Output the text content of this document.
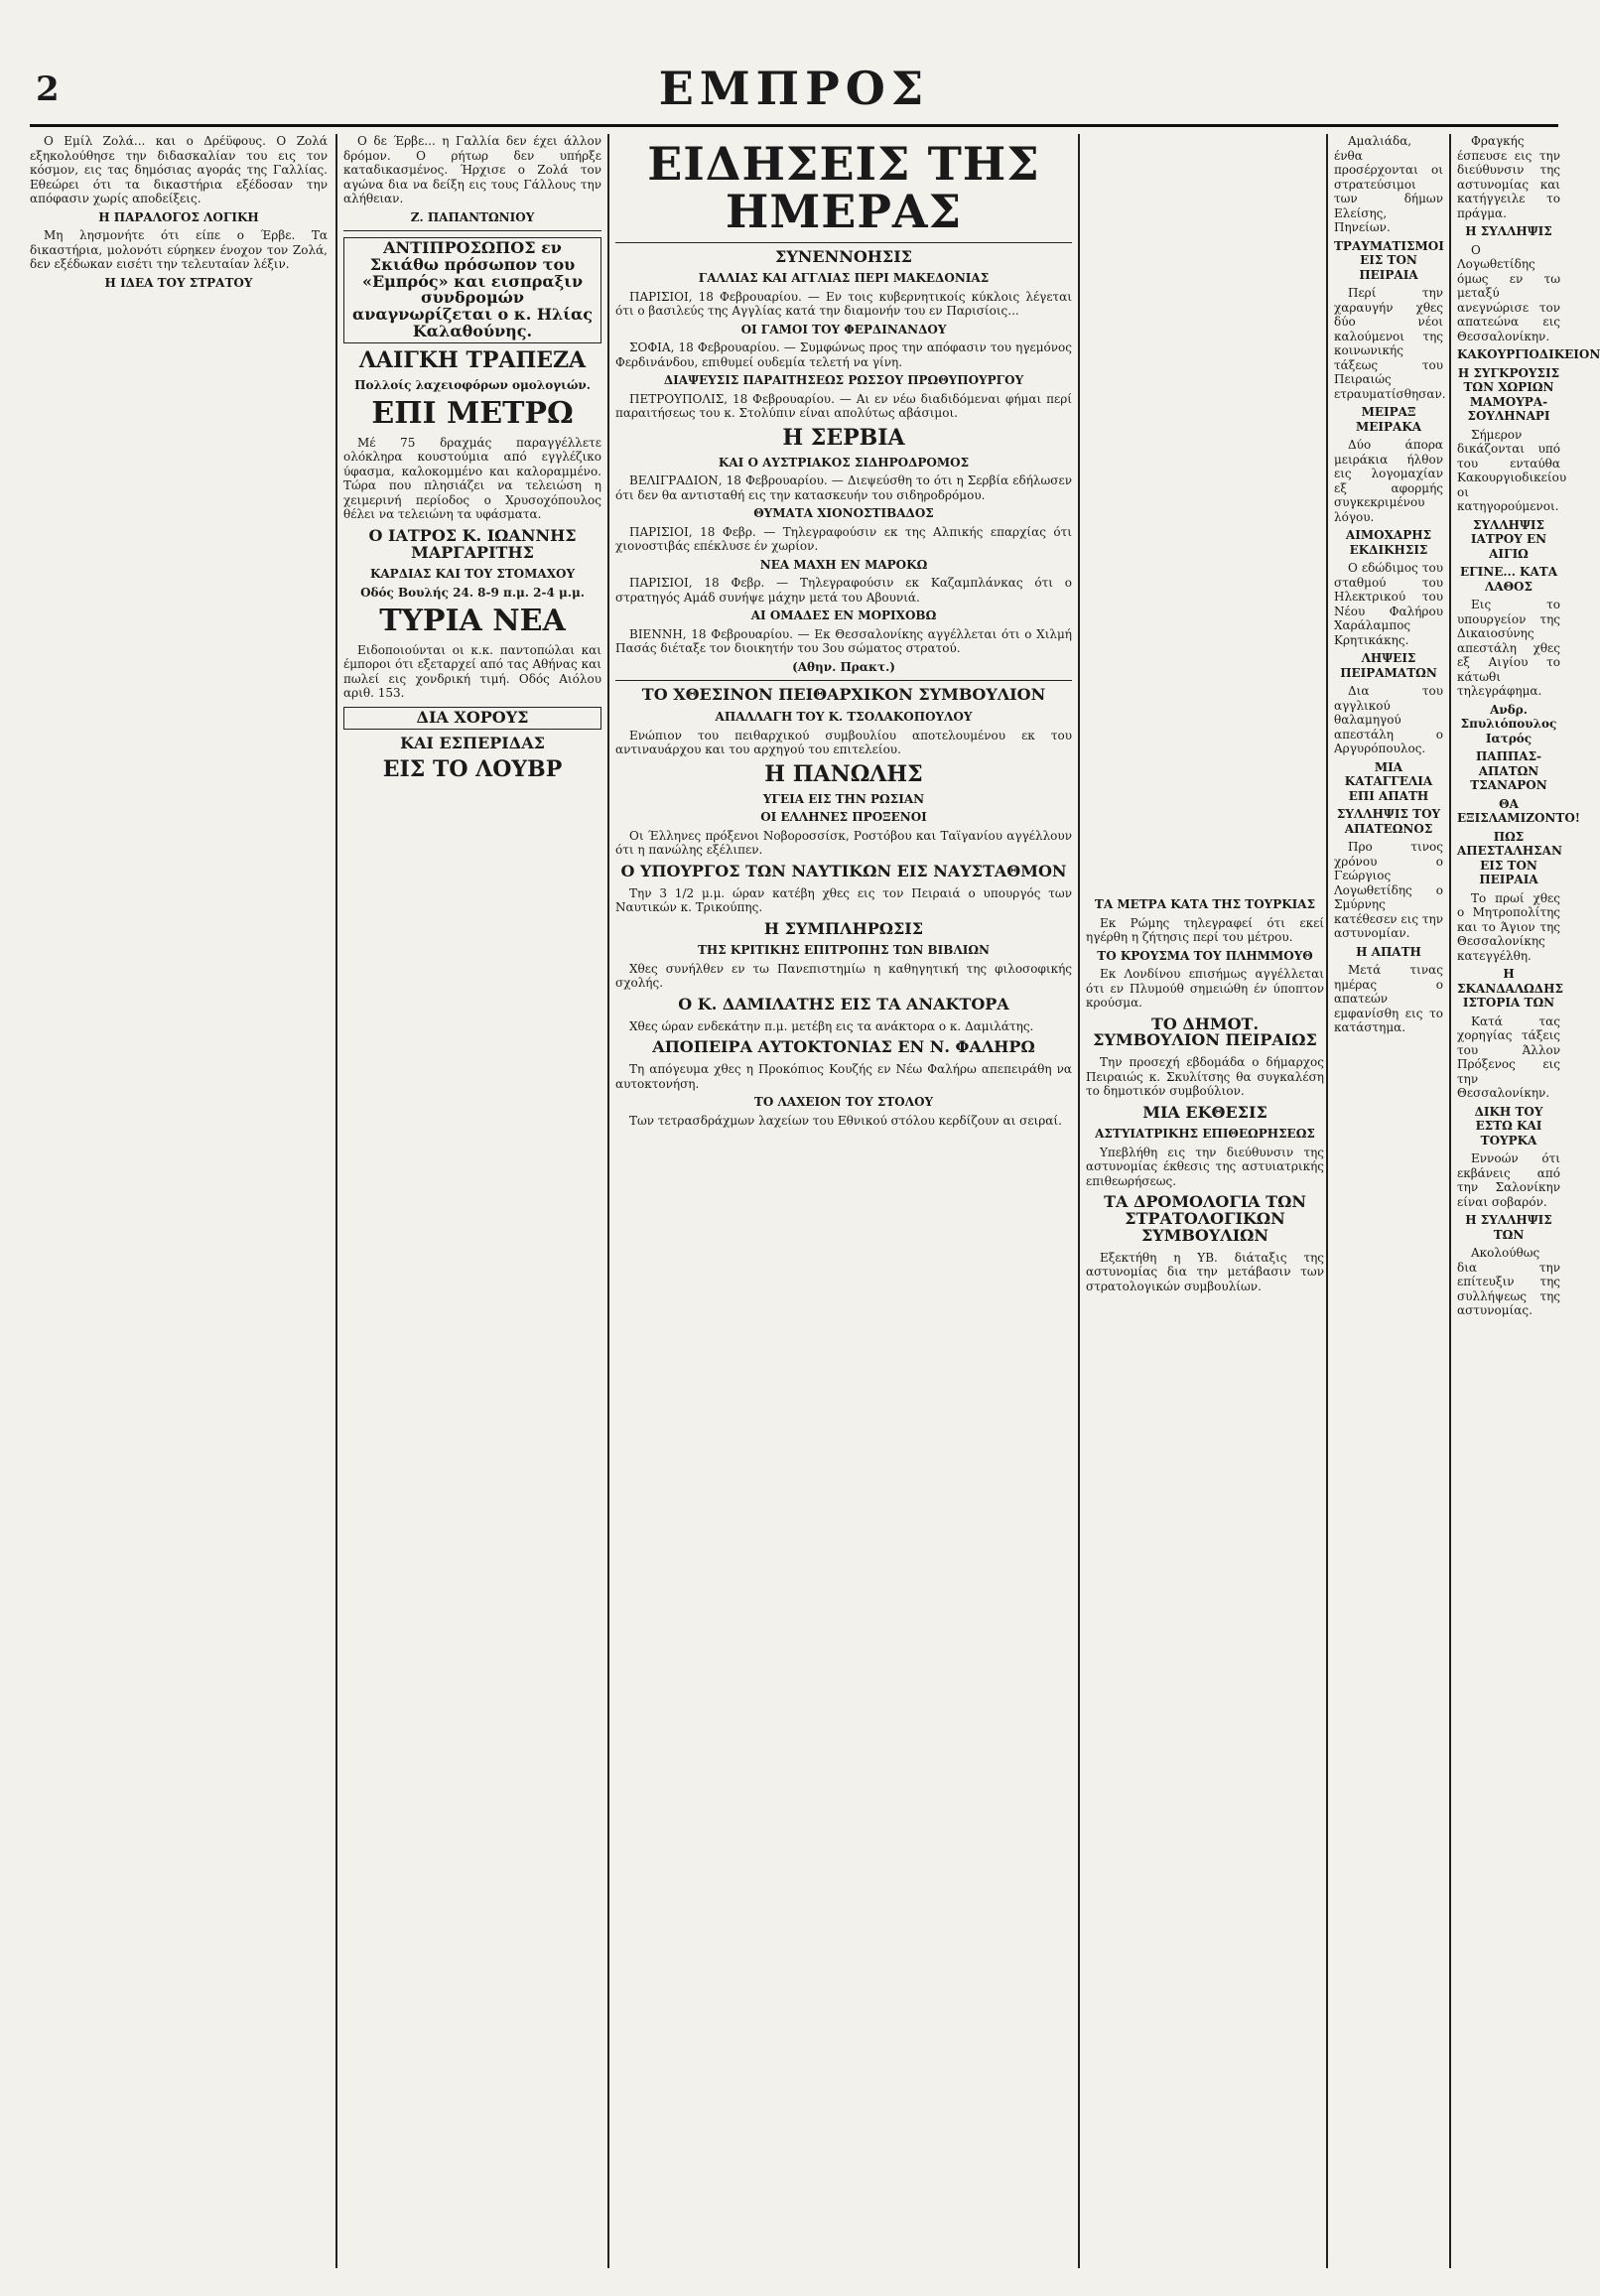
2	ΕΜΠΡΟΣ

Ο Εμίλ Ζολά... και ο Δρέϋφους. Ο Ζολά εξηκολούθησε την διδασκαλίαν του εις τον κόσμον, εις τας δημόσιας αγοράς της Γαλλίας. Εθεώρει ότι τα δικαστήρια εξέδοσαν την απόφασιν χωρίς αποδείξεις.

Η ΠΑΡΑΛΟΓΟΣ ΛΟΓΙΚΗ

Μη λησμονήτε ότι είπε ο Έρβε. Τα δικαστήρια, μολονότι εύρηκεν ένοχον τον Ζολά, δεν εξέδωκαν εισέτι την τελευταίαν λέξιν.

Η ΙΔΕΑ ΤΟΥ ΣΤΡΑΤΟΥ

Ο δε Έρβε... η Γαλλία δεν έχει άλλον δρόμον. Ο ρήτωρ δεν υπήρξε καταδικασμένος. Ήρχισε ο Ζολά τον αγώνα δια να δείξη εις τους Γάλλους την αλήθειαν.

Ζ. ΠΑΠΑΝΤΩΝΙΟΥ
ΑΝΤΙΠΡΟΣΩΠΟΣ εν Σκιάθω πρόσωπον του «Εμπρός» και εισπραξιν συνδρομών αναγνωρίζεται ο κ. Ηλίας Καλαθούνης.
ΛΑΙΓΚΗ ΤΡΑΠΕΖΑ
Πολλοίς λαχειοφόρων ομολογιών.
ΕΠΙ ΜΕΤΡΩ

Μέ 75 δραχμάς παραγγέλλετε ολόκληρα κουστούμια από εγγλέζικο ύφασμα, καλοκομμένο και καλοραμμένο. Τώρα που πλησιάζει να τελειώση η χειμερινή περίοδος ο Χρυσοχόπουλος θέλει να τελειώνη τα υφάσματα.

Ο ΙΑΤΡΟΣ Κ. ΙΩΑΝΝΗΣ ΜΑΡΓΑΡΙΤΗΣ
ΚΑΡΔΙΑΣ ΚΑΙ ΤΟΥ ΣΤΟΜΑΧΟΥ
Οδός Βουλής 24. 8-9 π.μ. 2-4 μ.μ.
ΤΥΡΙΑ ΝΕΑ

Ειδοποιούνται οι κ.κ. παντοπώλαι και έμποροι ότι εξεταρχεί από τας Αθήνας και πωλεί εις χονδρική τιμή. Οδός Αιόλου αριθ. 153.

ΔΙΑ ΧΟΡΟΥΣ
ΚΑΙ ΕΣΠΕΡΙΔΑΣ
ΕΙΣ ΤΟ ΛΟΥΒΡ
ΕΙΔΗΣΕΙΣ ΤΗΣ ΗΜΕΡΑΣ
ΣΥΝΕΝΝΟΗΣΙΣ
ΓΑΛΛΙΑΣ ΚΑΙ ΑΓΓΛΙΑΣ ΠΕΡΙ ΜΑΚΕΔΟΝΙΑΣ

ΠΑΡΙΣΙΟΙ, 18 Φεβρουαρίου. — Εν τοις κυβερνητικοίς κύκλοις λέγεται ότι ο βασιλεύς της Αγγλίας κατά την διαμονήν του εν Παρισίοις...

ΟΙ ΓΑΜΟΙ ΤΟΥ ΦΕΡΔΙΝΑΝΔΟΥ

ΣΟΦΙΑ, 18 Φεβρουαρίου. — Συμφώνως προς την απόφασιν του ηγεμόνος Φερδινάνδου, επιθυμεί ουδεμία τελετή να γίνη.

ΔΙΑΨΕΥΣΙΣ ΠΑΡΑΙΤΗΣΕΩΣ ΡΩΣΣΟΥ ΠΡΩΘΥΠΟΥΡΓΟΥ

ΠΕΤΡΟΥΠΟΛΙΣ, 18 Φεβρουαρίου. — Αι εν νέω διαδιδόμεναι φήμαι περί παραιτήσεως του κ. Στολύπιν είναι απολύτως αβάσιμοι.

Η ΣΕΡΒΙΑ
ΚΑΙ Ο ΑΥΣΤΡΙΑΚΟΣ ΣΙΔΗΡΟΔΡΟΜΟΣ

ΒΕΛΙΓΡΑΔΙΟΝ, 18 Φεβρουαρίου. — Διεψεύσθη το ότι η Σερβία εδήλωσεν ότι δεν θα αντισταθή εις την κατασκευήν του σιδηροδρόμου.

ΘΥΜΑΤΑ ΧΙΟΝΟΣΤΙΒΑΔΟΣ

ΠΑΡΙΣΙΟΙ, 18 Φεβρ. — Τηλεγραφούσιν εκ της Αλπικής επαρχίας ότι χιονοστιβάς επέκλυσε έν χωρίον.

ΝΕΑ ΜΑΧΗ ΕΝ ΜΑΡΟΚΩ

ΠΑΡΙΣΙΟΙ, 18 Φεβρ. — Τηλεγραφούσιν εκ Καζαμπλάνκας ότι ο στρατηγός Αμάδ συνήψε μάχην μετά του Αβουνιά.

ΑΙ ΟΜΑΔΕΣ ΕΝ ΜΟΡΙΧΟΒΩ

ΒΙΕΝΝΗ, 18 Φεβρουαρίου. — Εκ Θεσσαλονίκης αγγέλλεται ότι ο Χιλμή Πασάς διέταξε τον διοικητήν του 3ου σώματος στρατού.

(Αθην. Πρακτ.)
ΤΟ ΧΘΕΣΙΝΟΝ ΠΕΙΘΑΡΧΙΚΟΝ ΣΥΜΒΟΥΛΙΟΝ
ΑΠΑΛΛΑΓΗ ΤΟΥ Κ. ΤΣΟΛΑΚΟΠΟΥΛΟΥ

Ενώπιον του πειθαρχικού συμβουλίου αποτελουμένου εκ του αντιναυάρχου και του αρχηγού του επιτελείου.

Η ΠΑΝΩΛΗΣ
ΥΓΕΙΑ ΕΙΣ ΤΗΝ ΡΩΣΙΑΝ
ΟΙ ΕΛΛΗΝΕΣ ΠΡΟΞΕΝΟΙ

Οι Έλληνες πρόξενοι Νοβοροσσίσκ, Ροστόβου και Ταϊγανίου αγγέλλουν ότι η πανώλης εξέλιπεν.

Ο ΥΠΟΥΡΓΟΣ ΤΩΝ ΝΑΥΤΙΚΩΝ ΕΙΣ ΝΑΥΣΤΑΘΜΟΝ

Την 3 1/2 μ.μ. ώραν κατέβη χθες εις τον Πειραιά ο υπουργός των Ναυτικών κ. Τρικούπης.

Η ΣΥΜΠΛΗΡΩΣΙΣ
ΤΗΣ ΚΡΙΤΙΚΗΣ ΕΠΙΤΡΟΠΗΣ ΤΩΝ ΒΙΒΛΙΩΝ

Χθες συνήλθεν εν τω Πανεπιστημίω η καθηγητική της φιλοσοφικής σχολής.

Ο Κ. ΔΑΜΙΛΑΤΗΣ ΕΙΣ ΤΑ ΑΝΑΚΤΟΡΑ

Χθες ώραν ενδεκάτην π.μ. μετέβη εις τα ανάκτορα ο κ. Δαμιλάτης.

ΑΠΟΠΕΙΡΑ ΑΥΤΟΚΤΟΝΙΑΣ ΕΝ Ν. ΦΑΛΗΡΩ

Τη απόγευμα χθες η Προκόπιος Κουζής εν Νέω Φαλήρω απεπειράθη να αυτοκτονήση.

ΤΟ ΛΑΧΕΙΟΝ ΤΟΥ ΣΤΟΛΟΥ

Των τετρασδράχμων λαχείων του Εθνικού στόλου κερδίζουν αι σειραί.

ΤΑ ΜΕΤΡΑ ΚΑΤΑ ΤΗΣ ΤΟΥΡΚΙΑΣ

Εκ Ρώμης τηλεγραφεί ότι εκεί ηγέρθη η ζήτησις περί του μέτρου.

ΤΟ ΚΡΟΥΣΜΑ ΤΟΥ ΠΛΗΜΜΟΥΘ

Εκ Λονδίνου επισήμως αγγέλλεται ότι εν Πλυμούθ σημειώθη έν ύποπτον κρούσμα.

ΤΟ ΔΗΜΟΤ. ΣΥΜΒΟΥΛΙΟΝ ΠΕΙΡΑΙΩΣ

Την προσεχή εβδομάδα ο δήμαρχος Πειραιώς κ. Σκυλίτσης θα συγκαλέση το δημοτικόν συμβούλιον.

ΜΙΑ ΕΚΘΕΣΙΣ
ΑΣΤΥΙΑΤΡΙΚΗΣ ΕΠΙΘΕΩΡΗΣΕΩΣ

Υπεβλήθη εις την διεύθυνσιν της αστυνομίας έκθεσις της αστυιατρικής επιθεωρήσεως.

ΤΑ ΔΡΟΜΟΛΟΓΙΑ ΤΩΝ ΣΤΡΑΤΟΛΟΓΙΚΩΝ ΣΥΜΒΟΥΛΙΩΝ

Εξεκτήθη η ΥΒ. διάταξις της αστυνομίας δια την μετάβασιν των στρατολογικών συμβουλίων.

Αμαλιάδα, ένθα προσέρχονται οι στρατεύσιμοι των δήμων Ελείσης, Πηνείων.

ΤΡΑΥΜΑΤΙΣΜΟΙ ΕΙΣ ΤΟΝ ΠΕΙΡΑΙΑ

Περί την χαραυγήν χθες δύο νέοι καλούμενοι της κοινωνικής τάξεως του Πειραιώς ετραυματίσθησαν.

ΜΕΙΡΑΞ ΜΕΙΡΑΚΑ

Δύο άπορα μειράκια ήλθον εις λογομαχίαν εξ αφορμής συγκεκριμένου λόγου.

ΑΙΜΟΧΑΡΗΣ ΕΚΔΙΚΗΣΙΣ

Ο εδώδιμος του σταθμού του Ηλεκτρικού του Νέου Φαλήρου Χαράλαμπος Κρητικάκης.

ΛΗΨΕΙΣ ΠΕΙΡΑΜΑΤΩΝ

Δια του αγγλικού θαλαμηγού απεστάλη ο Αργυρόπουλος.

ΜΙΑ ΚΑΤΑΓΓΕΛΙΑ ΕΠΙ ΑΠΑΤΗ
ΣΥΛΛΗΨΙΣ ΤΟΥ ΑΠΑΤΕΩΝΟΣ

Προ τινος χρόνου ο Γεώργιος Λογωθετίδης ο Σμύρνης κατέθεσεν εις την αστυνομίαν.

Η ΑΠΑΤΗ

Μετά τινας ημέρας ο απατεών εμφανίσθη εις το κατάστημα.

Φραγκής έσπευσε εις την διεύθυνσιν της αστυνομίας και κατήγγειλε το πράγμα.

Η ΣΥΛΛΗΨΙΣ

Ο Λογωθετίδης όμως εν τω μεταξύ ανεγνώρισε τον απατεώνα εις Θεσσαλονίκην.

ΚΑΚΟΥΡΓΙΟΔΙΚΕΙΟΝ
Η ΣΥΓΚΡΟΥΣΙΣ ΤΩΝ ΧΩΡΙΩΝ ΜΑΜΟΥΡΑ-ΣΟΥΛΗΝΑΡΙ

Σήμερον δικάζονται υπό του ενταύθα Κακουργιοδικείου οι κατηγορούμενοι.

ΣΥΛΛΗΨΙΣ ΙΑΤΡΟΥ ΕΝ ΑΙΓΙΩ
ΕΓΙΝΕ... ΚΑΤΑ ΛΑΘΟΣ

Εις το υπουργείον της Δικαιοσύνης απεστάλη χθες εξ Αιγίου το κάτωθι τηλεγράφημα.

Ανδρ. Σπυλιόπουλος Ιατρός
ΠΑΠΠΑΣ-ΑΠΑΤΩΝ ΤΣΑΝΑΡΟΝ
ΘΑ ΕΞΙΣΛΑΜΙΖΟΝΤΟ!
ΠΩΣ ΑΠΕΣΤΑΛΗΣΑΝ ΕΙΣ ΤΟΝ ΠΕΙΡΑΙΑ

Το πρωί χθες ο Μητροπολίτης και το Άγιον της Θεσσαλονίκης κατεγγέλθη.

Η ΣΚΑΝΔΑΛΩΔΗΣ ΙΣΤΟΡΙΑ ΤΩΝ

Κατά τας χορηγίας τάξεις του Άλλον Πρόξενος εις την Θεσσαλονίκην.

ΔΙΚΗ ΤΟΥ ΕΣΤΩ ΚΑΙ ΤΟΥΡΚΑ

Εννοών ότι εκβάνεις από την Σαλονίκην είναι σοβαρόν.

Η ΣΥΛΛΗΨΙΣ ΤΩΝ

Ακολούθως δια την επίτευξιν της συλλήψεως της αστυνομίας.
